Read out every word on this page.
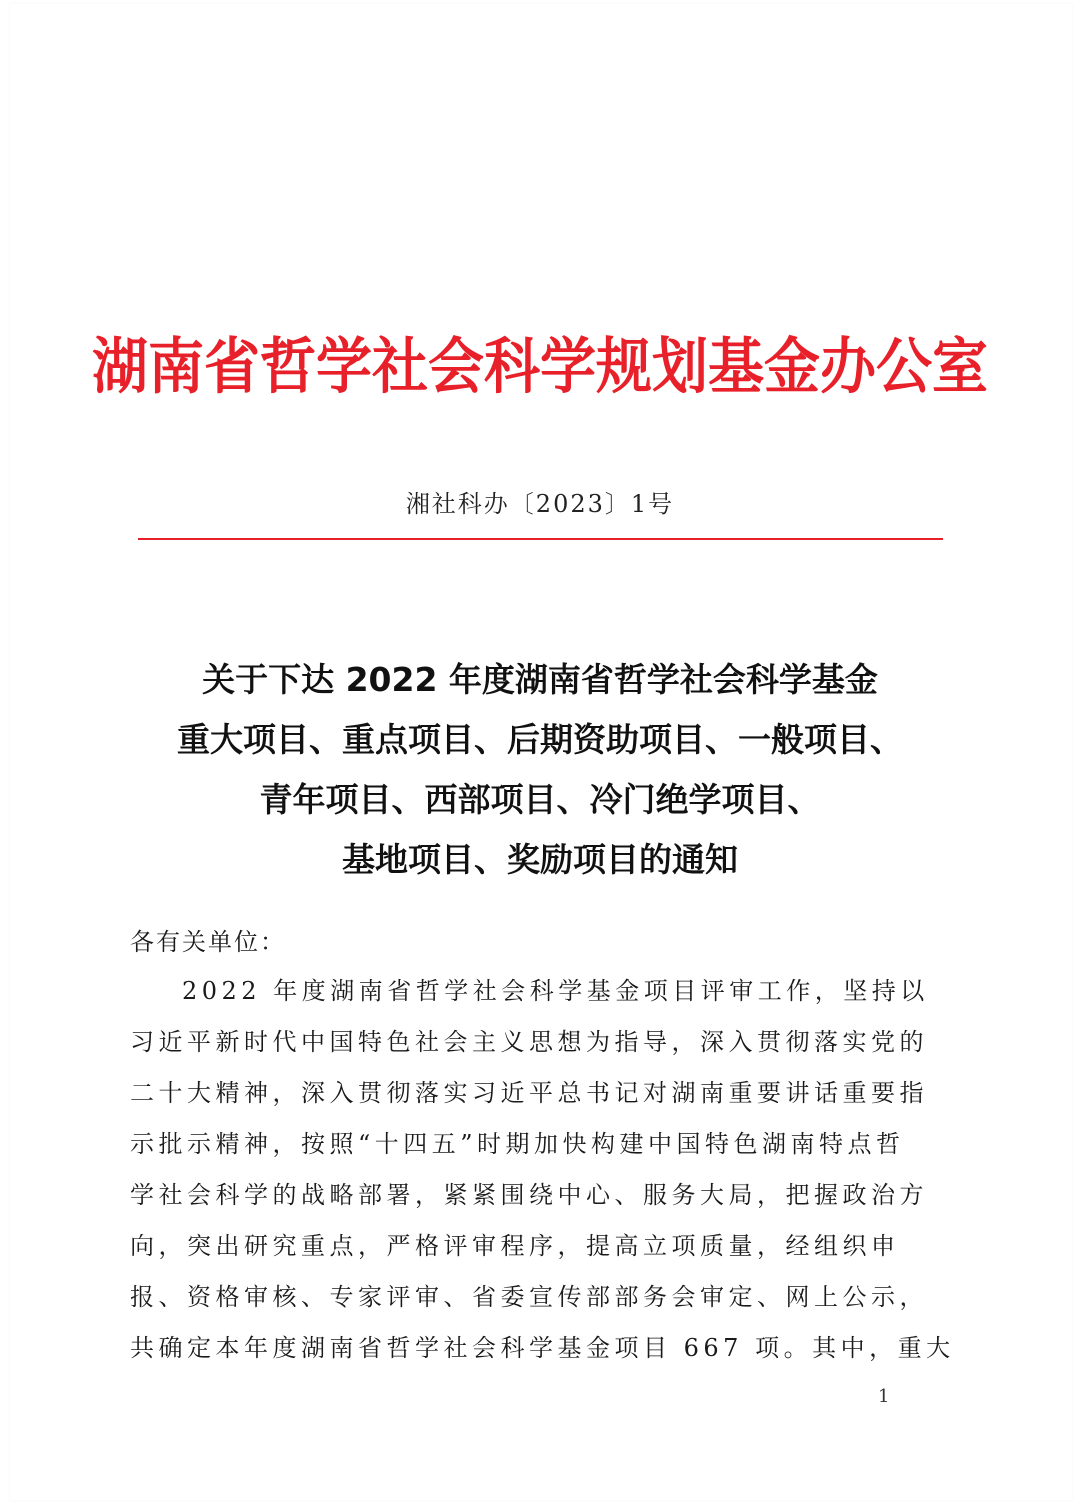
湖南省哲学社会科学规划基金办公室
湘社科办〔2023〕1号
关于下达 2022 年度湖南省哲学社会科学基金
重大项目、重点项目、后期资助项目、一般项目、
青年项目、西部项目、冷门绝学项目、
基地项目、奖励项目的通知
各有关单位：
2022 年度湖南省哲学社会科学基金项目评审工作，坚持以
习近平新时代中国特色社会主义思想为指导，深入贯彻落实党的
二十大精神，深入贯彻落实习近平总书记对湖南重要讲话重要指
示批示精神，按照“十四五”时期加快构建中国特色湖南特点哲
学社会科学的战略部署，紧紧围绕中心、服务大局，把握政治方
向，突出研究重点，严格评审程序，提高立项质量，经组织申
报、资格审核、专家评审、省委宣传部部务会审定、网上公示，
共确定本年度湖南省哲学社会科学基金项目 667 项。其中，重大
1
